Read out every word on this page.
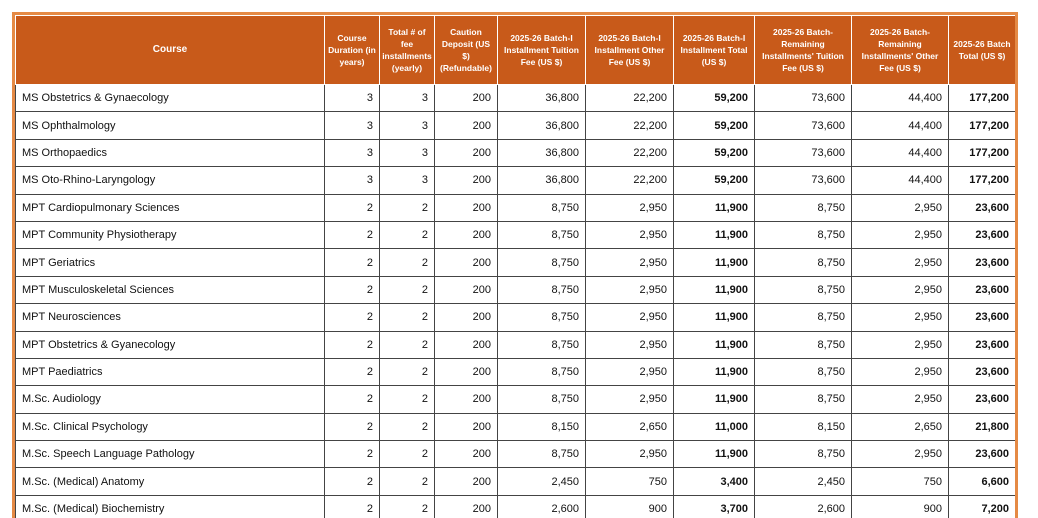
Course	Course Duration (in years)	Total # of fee installments (yearly)	Caution Deposit (US $)(Refundable)	2025-26 Batch-I Installment Tuition Fee (US $)	2025-26 Batch-I Installment Other Fee (US $)	2025-26 Batch-I Installment Total (US $)	2025-26 Batch-Remaining Installments' Tuition Fee (US $)	2025-26 Batch-Remaining Installments' Other Fee (US $)	2025-26 Batch Total (US $)
MS Obstetrics & Gynaecology	3	3	200	36,800	22,200	59,200	73,600	44,400	177,200
MS Ophthalmology	3	3	200	36,800	22,200	59,200	73,600	44,400	177,200
MS Orthopaedics	3	3	200	36,800	22,200	59,200	73,600	44,400	177,200
MS Oto-Rhino-Laryngology	3	3	200	36,800	22,200	59,200	73,600	44,400	177,200
MPT Cardiopulmonary Sciences	2	2	200	8,750	2,950	11,900	8,750	2,950	23,600
MPT Community Physiotherapy	2	2	200	8,750	2,950	11,900	8,750	2,950	23,600
MPT Geriatrics	2	2	200	8,750	2,950	11,900	8,750	2,950	23,600
MPT Musculoskeletal Sciences	2	2	200	8,750	2,950	11,900	8,750	2,950	23,600
MPT Neurosciences	2	2	200	8,750	2,950	11,900	8,750	2,950	23,600
MPT Obstetrics & Gyanecology	2	2	200	8,750	2,950	11,900	8,750	2,950	23,600
MPT Paediatrics	2	2	200	8,750	2,950	11,900	8,750	2,950	23,600
M.Sc. Audiology	2	2	200	8,750	2,950	11,900	8,750	2,950	23,600
M.Sc. Clinical Psychology	2	2	200	8,150	2,650	11,000	8,150	2,650	21,800
M.Sc. Speech Language Pathology	2	2	200	8,750	2,950	11,900	8,750	2,950	23,600
M.Sc. (Medical) Anatomy	2	2	200	2,450	750	3,400	2,450	750	6,600
M.Sc. (Medical) Biochemistry	2	2	200	2,600	900	3,700	2,600	900	7,200
